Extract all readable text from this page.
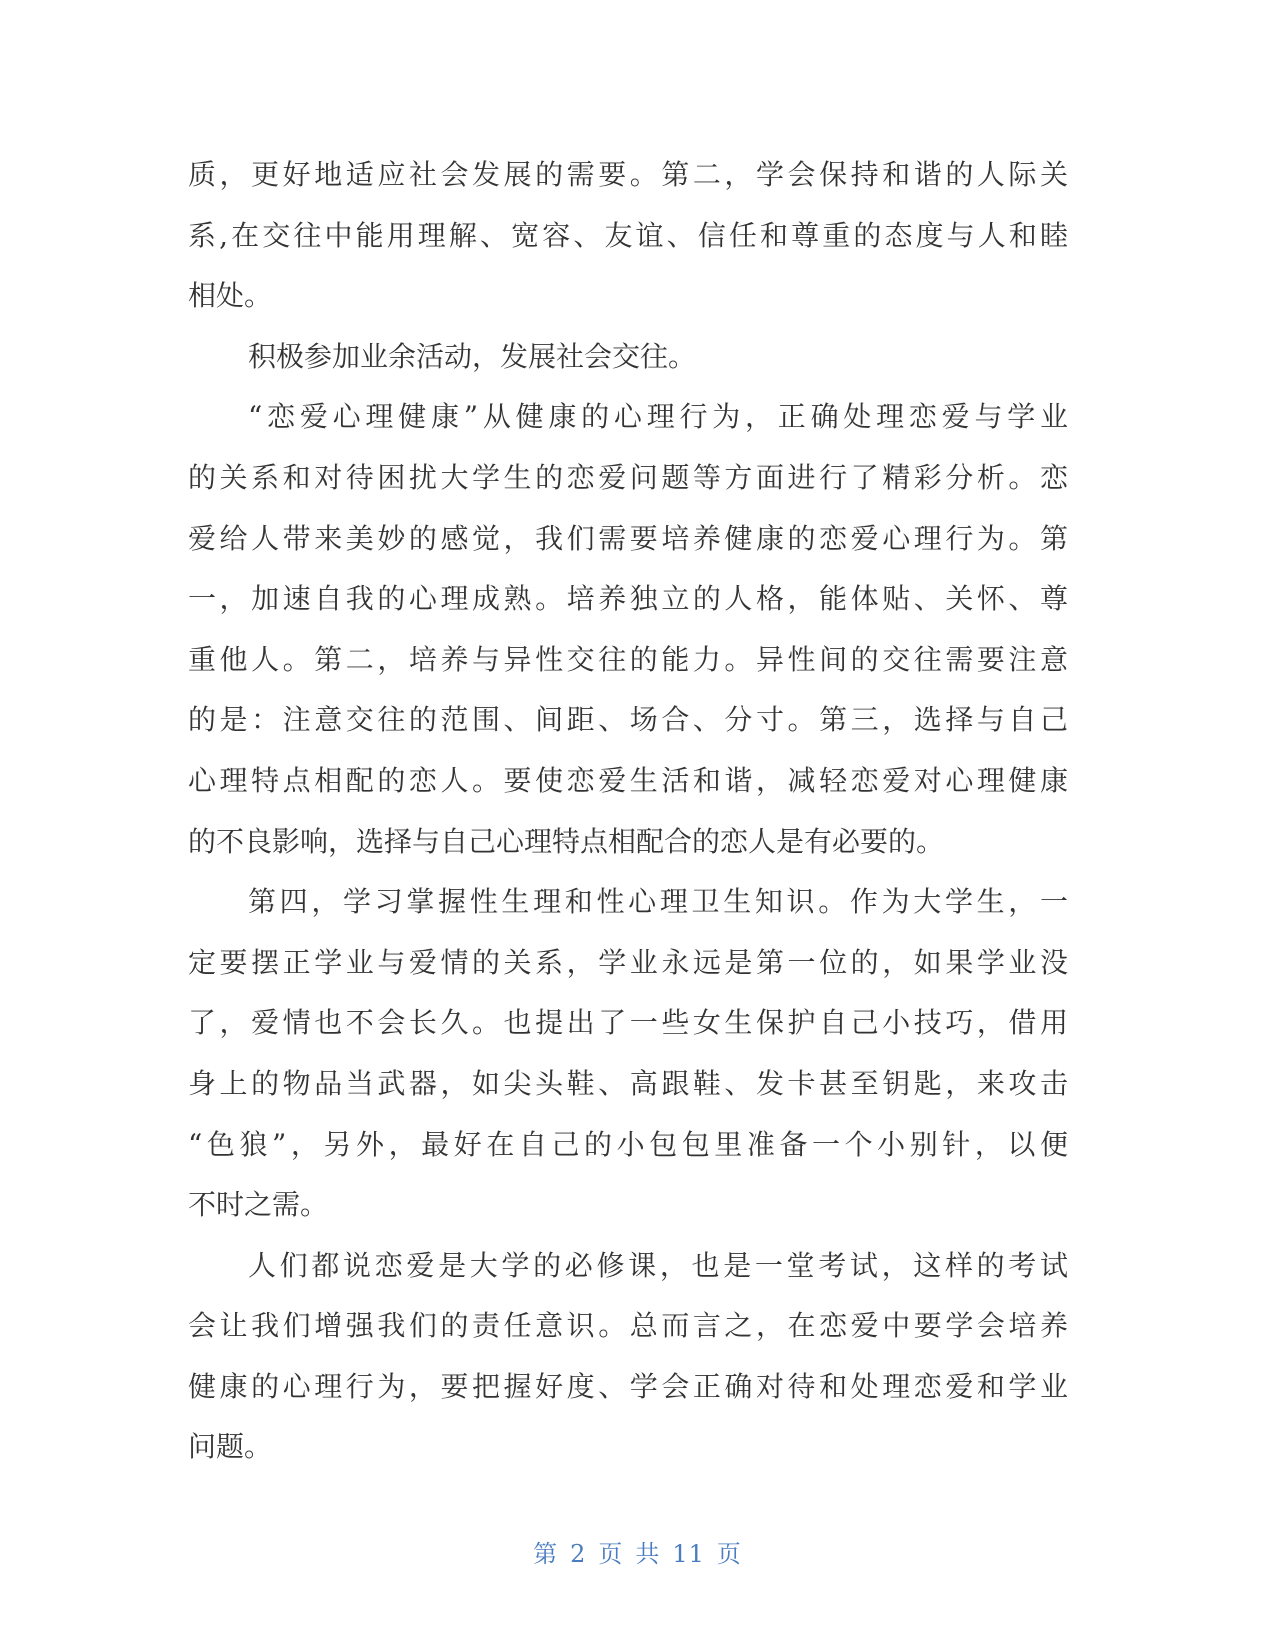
质，更好地适应社会发展的需要。第二，学会保持和谐的人际关
系,在交往中能用理解、宽容、友谊、信任和尊重的态度与人和睦
相处。
积极参加业余活动，发展社会交往。
“恋爱心理健康”从健康的心理行为，正确处理恋爱与学业
的关系和对待困扰大学生的恋爱问题等方面进行了精彩分析。恋
爱给人带来美妙的感觉，我们需要培养健康的恋爱心理行为。第
一，加速自我的心理成熟。培养独立的人格，能体贴、关怀、尊
重他人。第二，培养与异性交往的能力。异性间的交往需要注意
的是：注意交往的范围、间距、场合、分寸。第三，选择与自己
心理特点相配的恋人。要使恋爱生活和谐，减轻恋爱对心理健康
的不良影响，选择与自己心理特点相配合的恋人是有必要的。
第四，学习掌握性生理和性心理卫生知识。作为大学生，一
定要摆正学业与爱情的关系，学业永远是第一位的，如果学业没
了，爱情也不会长久。也提出了一些女生保护自己小技巧，借用
身上的物品当武器，如尖头鞋、高跟鞋、发卡甚至钥匙，来攻击
“色狼”，另外，最好在自己的小包包里准备一个小别针，以便
不时之需。
人们都说恋爱是大学的必修课，也是一堂考试，这样的考试
会让我们增强我们的责任意识。总而言之，在恋爱中要学会培养
健康的心理行为，要把握好度、学会正确对待和处理恋爱和学业
问题。
第 2 页 共 11 页
